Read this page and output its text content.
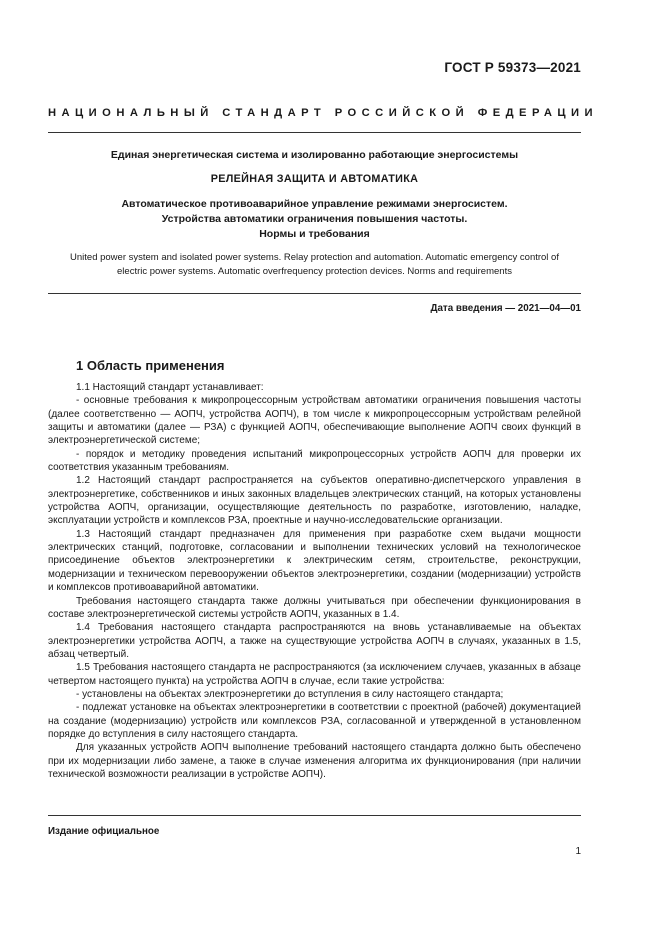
ГОСТ Р 59373—2021
НАЦИОНАЛЬНЫЙ СТАНДАРТ РОССИЙСКОЙ ФЕДЕРАЦИИ
Единая энергетическая система и изолированно работающие энергосистемы
РЕЛЕЙНАЯ ЗАЩИТА И АВТОМАТИКА
Автоматическое противоаварийное управление режимами энергосистем.
Устройства автоматики ограничения повышения частоты.
Нормы и требования
United power system and isolated power systems. Relay protection and automation. Automatic emergency control of
electric power systems. Automatic overfrequency protection devices. Norms and requirements
Дата введения — 2021—04—01
1 Область применения

1.1 Настоящий стандарт устанавливает:

- основные требования к микропроцессорным устройствам автоматики ограничения повышения частоты (далее соответственно — АОПЧ, устройства АОПЧ), в том числе к микропроцессорным устройствам релейной защиты и автоматики (далее — РЗА) с функцией АОПЧ, обеспечивающие выполнение АОПЧ своих функций в электроэнергетической системе;

- порядок и методику проведения испытаний микропроцессорных устройств АОПЧ для проверки их соответствия указанным требованиям.

1.2 Настоящий стандарт распространяется на субъектов оперативно-диспетчерского управления в электроэнергетике, собственников и иных законных владельцев электрических станций, на которых установлены устройства АОПЧ, организации, осуществляющие деятельность по разработке, изготовлению, наладке, эксплуатации устройств и комплексов РЗА, проектные и научно-исследовательские организации.

1.3 Настоящий стандарт предназначен для применения при разработке схем выдачи мощности электрических станций, подготовке, согласовании и выполнении технических условий на технологическое присоединение объектов электроэнергетики к электрическим сетям, строительстве, реконструкции, модернизации и техническом перевооружении объектов электроэнергетики, создании (модернизации) устройств и комплексов противоаварийной автоматики.

Требования настоящего стандарта также должны учитываться при обеспечении функционирования в составе электроэнергетической системы устройств АОПЧ, указанных в 1.4.

1.4 Требования настоящего стандарта распространяются на вновь устанавливаемые на объектах электроэнергетики устройства АОПЧ, а также на существующие устройства АОПЧ в случаях, указанных в 1.5, абзац четвертый.

1.5 Требования настоящего стандарта не распространяются (за исключением случаев, указанных в абзаце четвертом настоящего пункта) на устройства АОПЧ в случае, если такие устройства:

- установлены на объектах электроэнергетики до вступления в силу настоящего стандарта;

- подлежат установке на объектах электроэнергетики в соответствии с проектной (рабочей) документацией на создание (модернизацию) устройств или комплексов РЗА, согласованной и утвержденной в установленном порядке до вступления в силу настоящего стандарта.

Для указанных устройств АОПЧ выполнение требований настоящего стандарта должно быть обеспечено при их модернизации либо замене, а также в случае изменения алгоритма их функционирования (при наличии технической возможности реализации в устройстве АОПЧ).

Издание официальное
1
